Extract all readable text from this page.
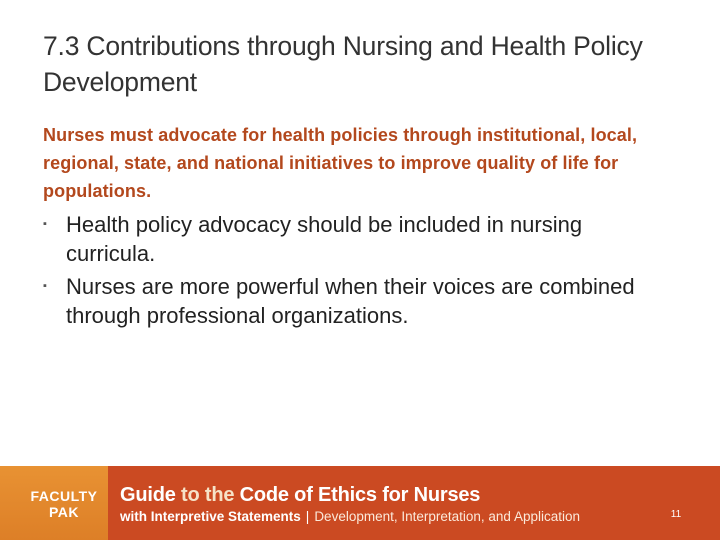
7.3 Contributions through Nursing and Health Policy Development
Nurses must advocate for health policies through institutional, local, regional, state, and national initiatives to improve quality of life for populations.
▪ Health policy advocacy should be included in nursing curricula.
▪ Nurses are more powerful when their voices are combined through professional organizations.
FACULTY
PAK
Guide to the Code of Ethics for Nurses
with Interpretive Statements | Development, Interpretation, and Application	11
